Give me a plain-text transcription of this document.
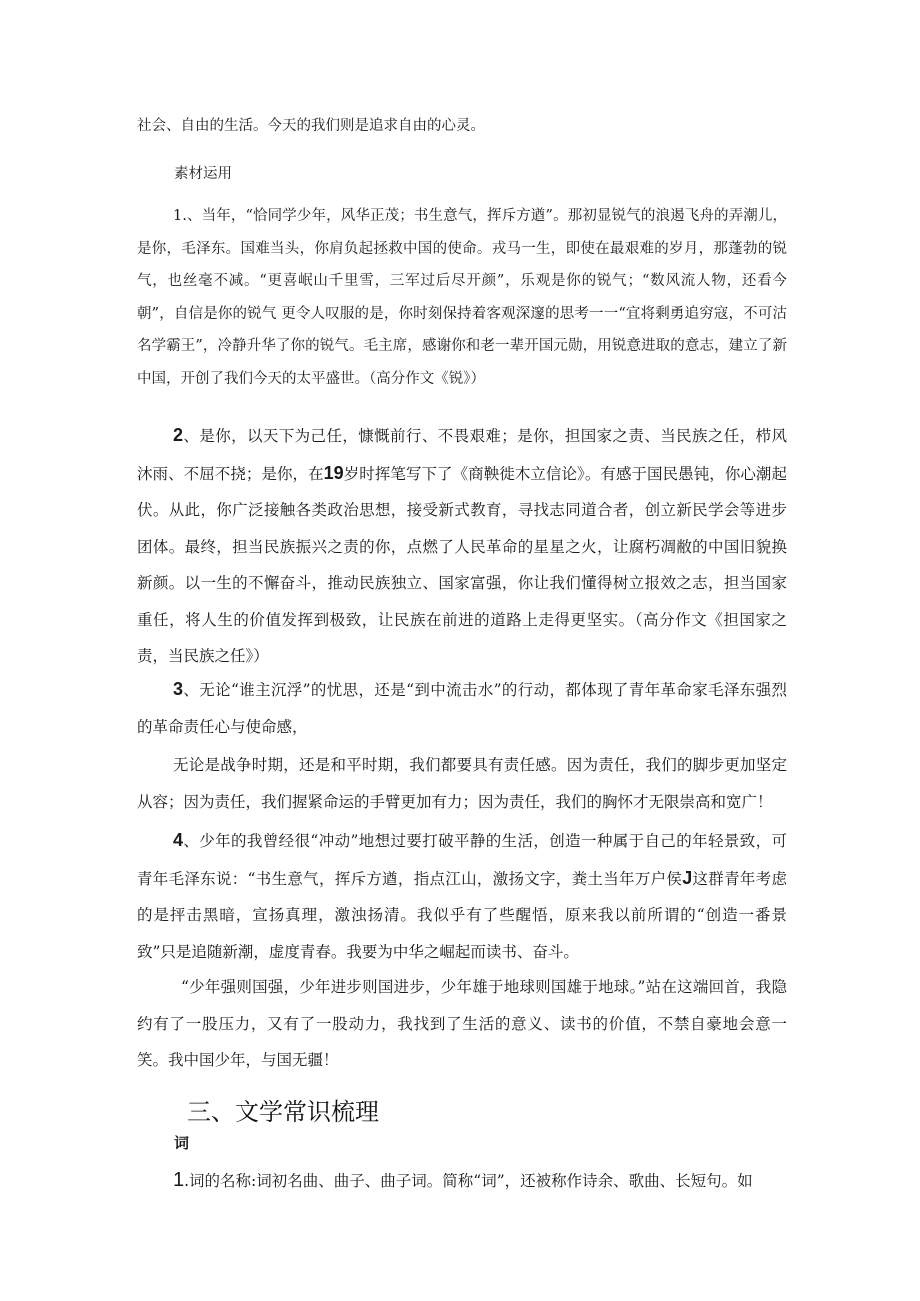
社会、自由的生活。今天的我们则是追求自由的心灵。

素材运用

1.、当年，“恰同学少年，风华正茂；书生意气，挥斥方遒”。那初显锐气的浪遏飞舟的弄潮儿，是你，毛泽东。国难当头，你肩负起拯救中国的使命。戎马一生，即使在最艰难的岁月，那蓬勃的锐气，也丝毫不减。“更喜岷山千里雪，三军过后尽开颜”，乐观是你的锐气；“数风流人物，还看今朝”，自信是你的锐气 更令人叹服的是，你时刻保持着客观深邃的思考一一“宜将剩勇追穷寇，不可沽名学霸王”，冷静升华了你的锐气。毛主席，感谢你和老一辈开国元勋，用锐意进取的意志，建立了新中国，开创了我们今天的太平盛世。（高分作文《锐》）

2、是你，以天下为己任，慷慨前行、不畏艰难；是你，担国家之责、当民族之任，栉风沐雨、不屈不挠；是你，在19岁时挥笔写下了《商鞅徙木立信论》。有感于国民愚钝，你心潮起伏。从此，你广泛接触各类政治思想，接受新式教育，寻找志同道合者，创立新民学会等进步团体。最终，担当民族振兴之责的你，点燃了人民革命的星星之火，让腐朽凋敝的中国旧貌换新颜。以一生的不懈奋斗，推动民族独立、国家富强，你让我们懂得树立报效之志，担当国家重任，将人生的价值发挥到极致，让民族在前进的道路上走得更坚实。（高分作文《担国家之责，当民族之任》）

3、无论“谁主沉浮”的忧思，还是“到中流击水”的行动，都体现了青年革命家毛泽东强烈的革命责任心与使命感，

无论是战争时期，还是和平时期，我们都要具有责任感。因为责任，我们的脚步更加坚定从容；因为责任，我们握紧命运的手臂更加有力；因为责任，我们的胸怀才无限崇高和宽广！

4、少年的我曾经很“冲动”地想过要打破平静的生活，创造一种属于自己的年轻景致，可青年毛泽东说：“书生意气，挥斥方遒，指点江山，激扬文字，粪土当年万户侯J这群青年考虑的是抨击黑暗，宣扬真理，激浊扬清。我似乎有了些醒悟，原来我以前所谓的“创造一番景致”只是追随新潮，虚度青春。我要为中华之崛起而读书、奋斗。

“少年强则国强，少年进步则国进步，少年雄于地球则国雄于地球。”站在这端回首，我隐约有了一股压力，又有了一股动力，我找到了生活的意义、读书的价值，不禁自豪地会意一笑。我中国少年，与国无疆！

三、文学常识梳理

词

1.词的名称:词初名曲、曲子、曲子词。简称“词”，还被称作诗余、歌曲、长短句。如
